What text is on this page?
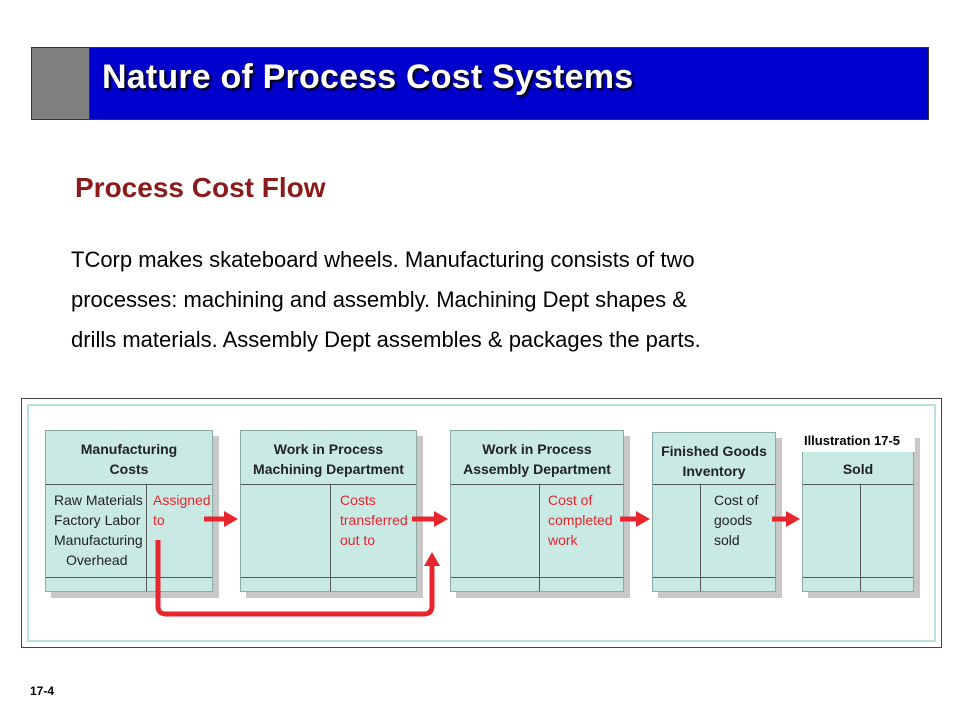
Nature of Process Cost Systems
Process Cost Flow
TCorp makes skateboard wheels. Manufacturing consists of two
processes: machining and assembly. Machining Dept shapes &
drills materials. Assembly Dept assembles & packages the parts.
Manufacturing
Costs
Raw Materials
Factory Labor
Manufacturing
Overhead
Assigned
to
Work in Process
Machining Department
Costs
transferred
out to
Work in Process
Assembly Department
Cost of
completed
work
Finished Goods
Inventory
Cost of
goods
sold
Sold
Illustration 17-5
17-4
